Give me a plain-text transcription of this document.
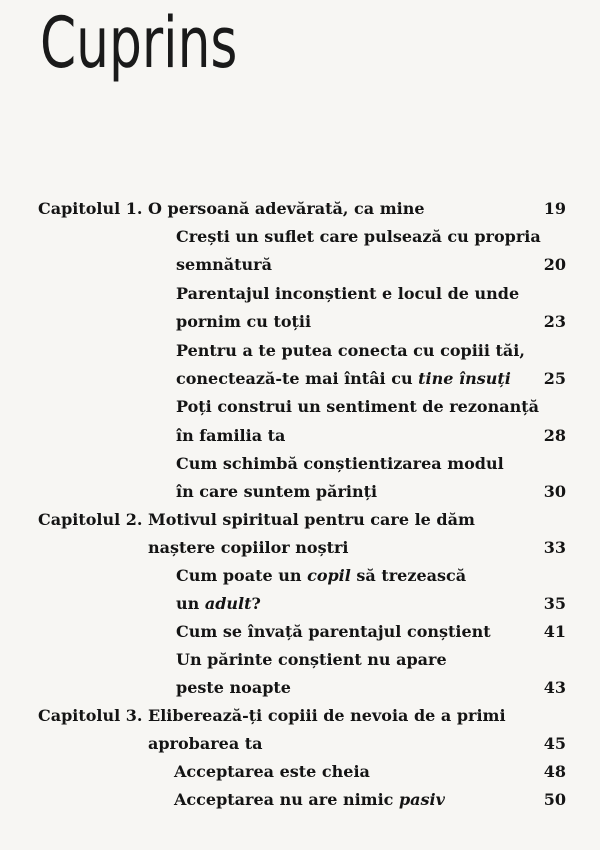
Cuprins
Capitolul 1. O persoană adevărată, ca mine	19
Crești un suflet care pulsează cu propria
semnătură	20
Parentajul inconștient e locul de unde
pornim cu toții	23
Pentru a te putea conecta cu copiii tăi,
conectează-te mai întâi cu tine însuți 25
Poți construi un sentiment de rezonanță
în familia ta	28
Cum schimbă conștientizarea modul
în care suntem părinți	30
Capitolul 2. Motivul spiritual pentru care le dăm
naștere copiilor noștri	33
Cum poate un copil să trezească
un adult?	35
Cum se învață parentajul conștient	41
Un părinte conștient nu apare
peste noapte	43
Capitolul 3. Eliberează-ți copiii de nevoia de a primi
aprobarea ta	45
Acceptarea este cheia	48
Acceptarea nu are nimic pasiv	50
